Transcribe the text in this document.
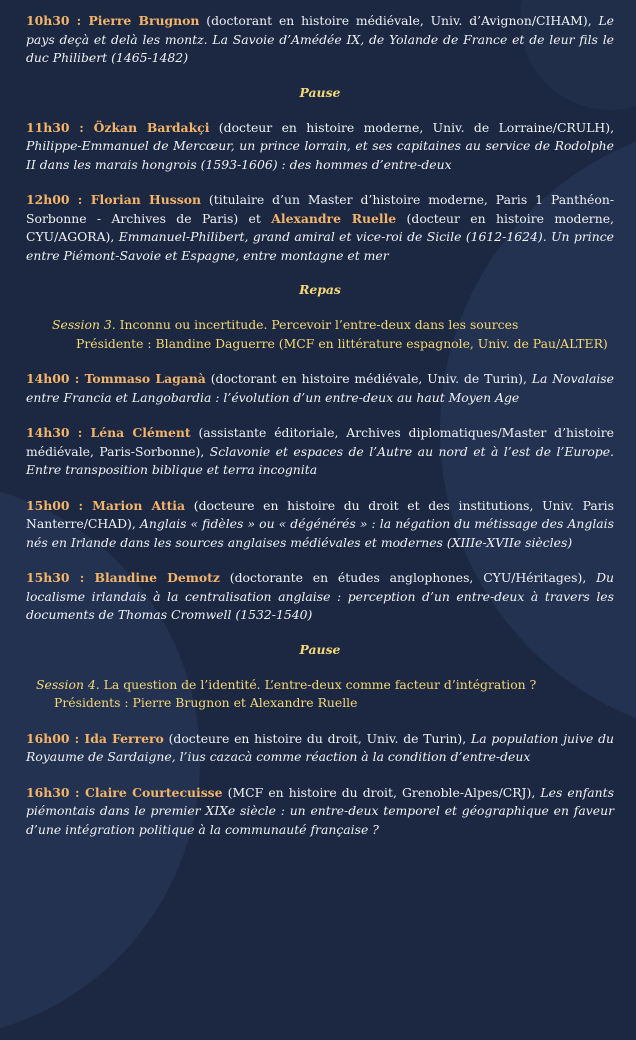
10h30 : Pierre Brugnon (doctorant en histoire médiévale, Univ. d’Avignon/CIHAM), Le pays deçà et delà les montz. La Savoie d’Amédée IX, de Yolande de France et de leur fils le duc Philibert (1465-1482)

Pause

11h30 : Özkan Bardakçi (docteur en histoire moderne, Univ. de Lorraine/CRULH), Philippe-Emmanuel de Mercœur, un prince lorrain, et ses capitaines au service de Rodolphe II dans les marais hongrois (1593-1606) : des hommes d’entre-deux

12h00 : Florian Husson (titulaire d’un Master d’histoire moderne, Paris 1 Panthéon-Sorbonne - Archives de Paris) et Alexandre Ruelle (docteur en histoire moderne, CYU/AGORA), Emmanuel-Philibert, grand amiral et vice-roi de Sicile (1612-1624). Un prince entre Piémont-Savoie et Espagne, entre montagne et mer

Repas
Session 3. Inconnu ou incertitude. Percevoir l’entre-deux dans les sources
Présidente : Blandine Daguerre (MCF en littérature espagnole, Univ. de Pau/ALTER)

14h00 : Tommaso Laganà (doctorant en histoire médiévale, Univ. de Turin), La Novalaise entre Francia et Langobardia : l’évolution d’un entre-deux au haut Moyen Age

14h30 : Léna Clément (assistante éditoriale, Archives diplomatiques/Master d’histoire médiévale, Paris-Sorbonne), Sclavonie et espaces de l’Autre au nord et à l’est de l’Europe. Entre transposition biblique et terra incognita

15h00 : Marion Attia (docteure en histoire du droit et des institutions, Univ. Paris Nanterre/CHAD), Anglais « fidèles » ou « dégénérés » : la négation du métissage des Anglais nés en Irlande dans les sources anglaises médiévales et modernes (XIIIe-XVIIe siècles)

15h30 : Blandine Demotz (doctorante en études anglophones, CYU/Héritages), Du localisme irlandais à la centralisation anglaise : perception d’un entre-deux à travers les documents de Thomas Cromwell (1532-1540)

Pause
Session 4. La question de l’identité. L’entre-deux comme facteur d’intégration ?
Présidents : Pierre Brugnon et Alexandre Ruelle

16h00 : Ida Ferrero (docteure en histoire du droit, Univ. de Turin), La population juive du Royaume de Sardaigne, l’ius cazacà comme réaction à la condition d’entre-deux

16h30 : Claire Courtecuisse (MCF en histoire du droit, Grenoble-Alpes/CRJ), Les enfants piémontais dans le premier XIXe siècle : un entre-deux temporel et géographique en faveur d’une intégration politique à la communauté française ?
